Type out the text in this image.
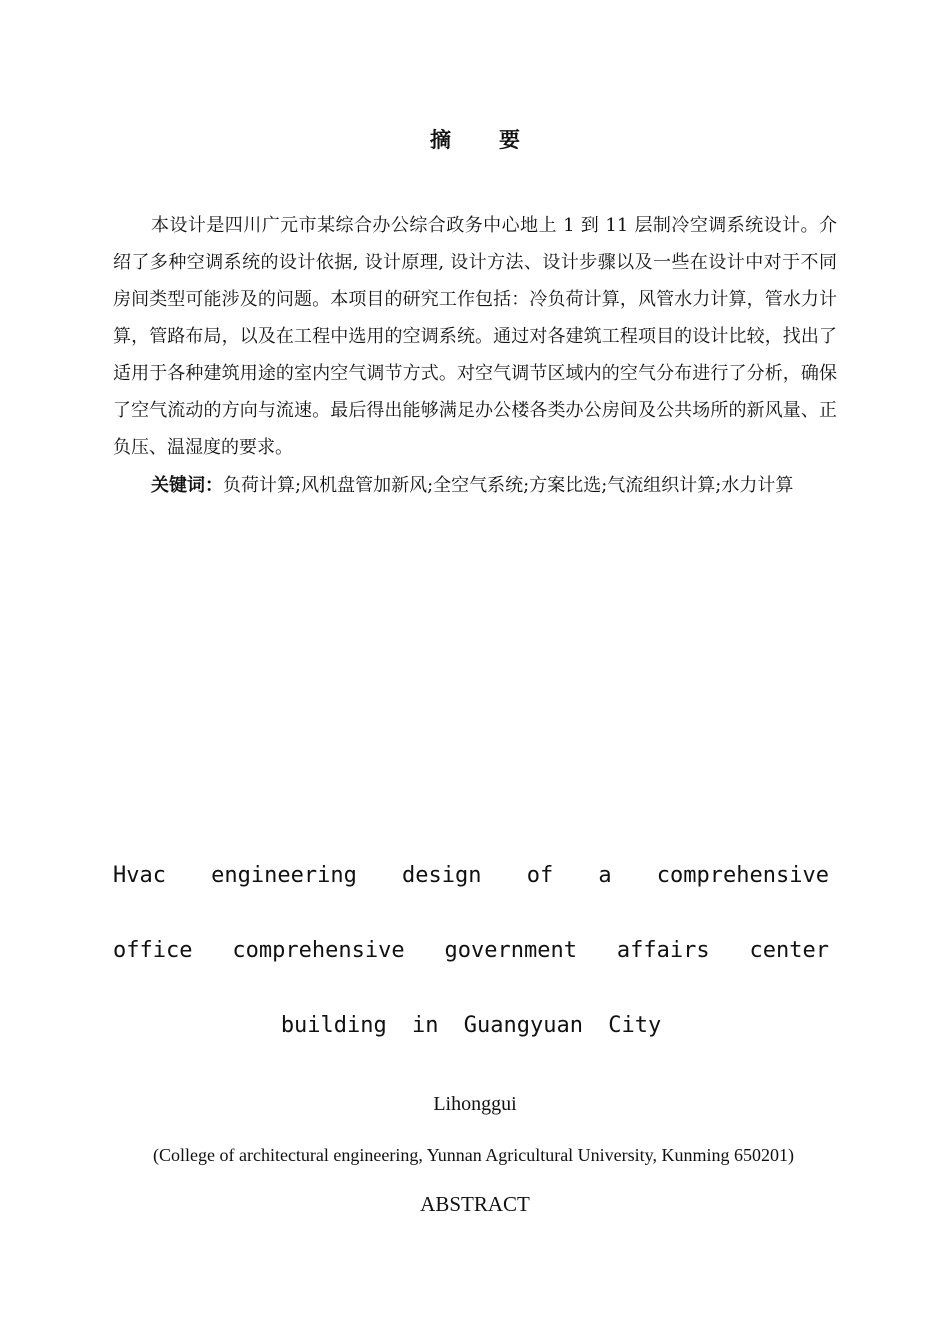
摘 要

本设计是四川广元市某综合办公综合政务中心地上 1 到 11 层制冷空调系统设计。介绍了多种空调系统的设计依据, 设计原理, 设计方法、设计步骤以及一些在设计中对于不同房间类型可能涉及的问题。本项目的研究工作包括：冷负荷计算，风管水力计算，管水力计算，管路布局，以及在工程中选用的空调系统。通过对各建筑工程项目的设计比较，找出了适用于各种建筑用途的室内空气调节方式。对空气调节区域内的空气分布进行了分析，确保了空气流动的方向与流速。最后得出能够满足办公楼各类办公房间及公共场所的新风量、正负压、温湿度的要求。

关键词：负荷计算;风机盘管加新风;全空气系统;方案比选;气流组织计算;水力计算

Hvac engineering design of a comprehensive office comprehensive government affairs center building in Guangyuan City

Lihonggui
(College of architectural engineering, Yunnan Agricultural University, Kunming 650201)
ABSTRACT
